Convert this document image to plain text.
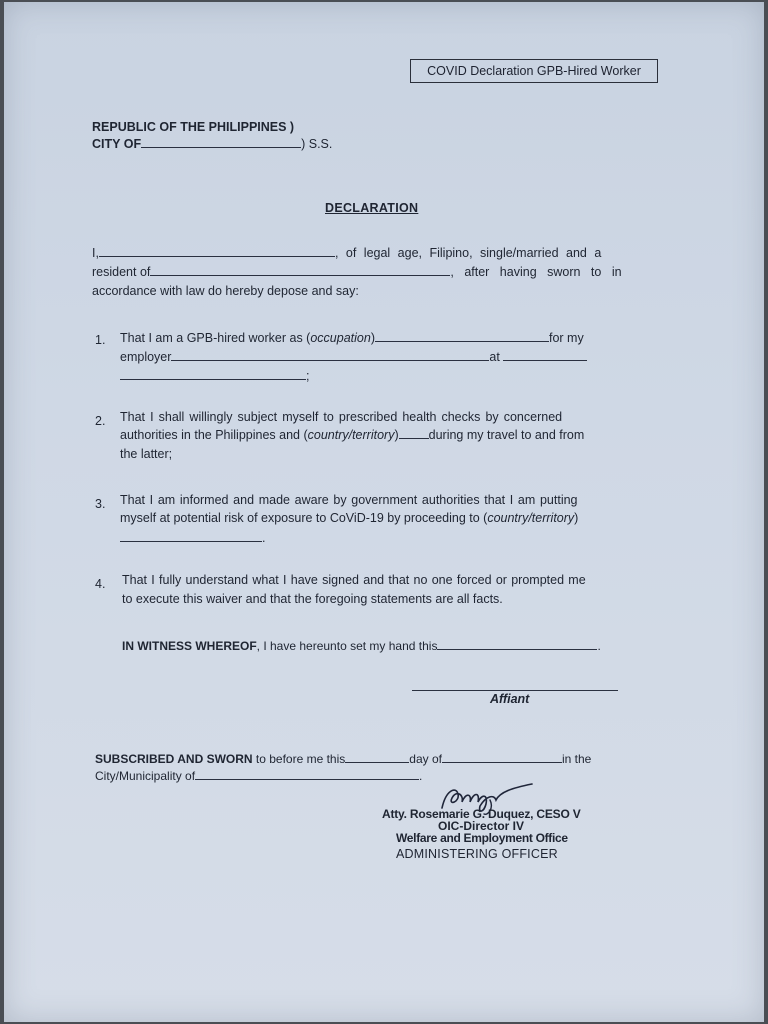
COVID Declaration GPB-Hired Worker
REPUBLIC OF THE PHILIPPINES )
CITY OF	) S.S.
DECLARATION
I,	, of legal age, Filipino, single/married and a
resident of	, after having sworn to in
accordance with law do hereby depose and say:
1. That I am a GPB-hired worker as (occupation)	for my
employer	at
;
2. That I shall willingly subject myself to prescribed health checks by concerned
authorities in the Philippines and (country/territory) during my travel to and from
the latter;
3. That I am informed and made aware by government authorities that I am putting
myself at potential risk of exposure to CoViD-19 by proceeding to (country/territory)
.
4. That I fully understand what I have signed and that no one forced or prompted me
to execute this waiver and that the foregoing statements are all facts.
IN WITNESS WHEREOF, I have hereunto set my hand this	.
Affiant
SUBSCRIBED AND SWORN to before me this	day of	in the
City/Municipality of	.
Atty. Rosemarie G. Duquez, CESO V
OIC-Director IV
Welfare and Employment Office
ADMINISTERING OFFICER
